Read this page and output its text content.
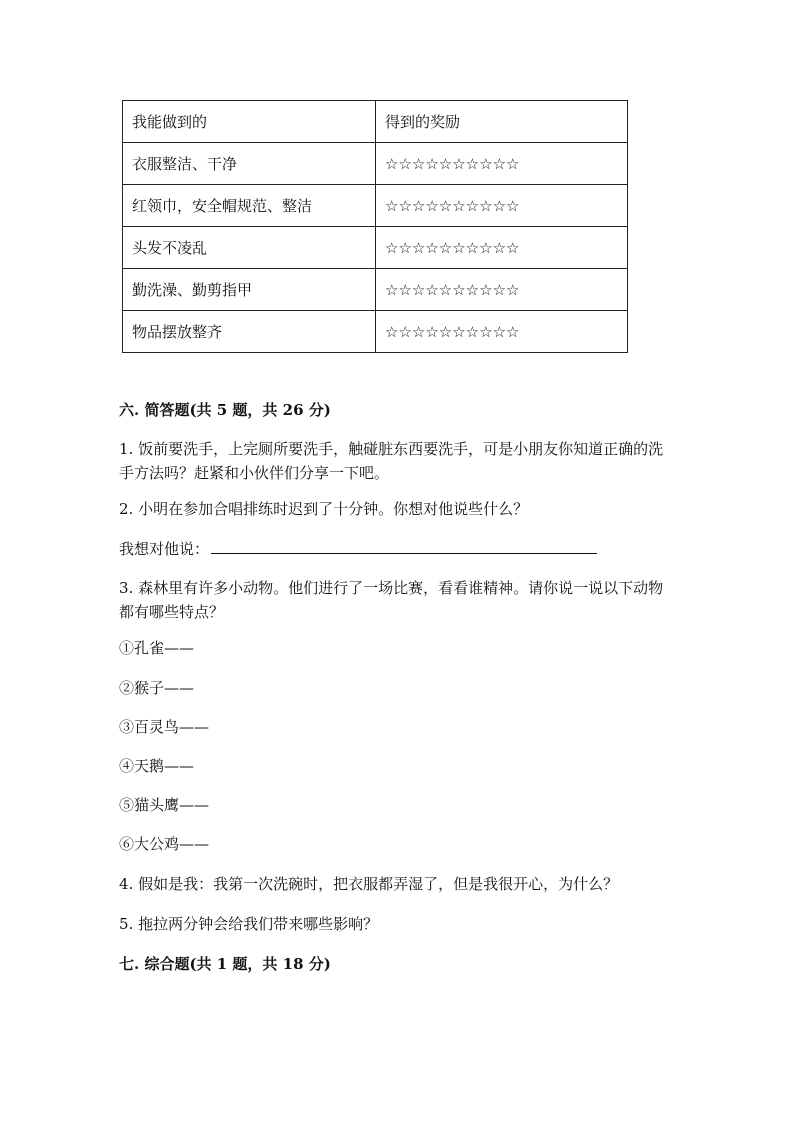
我能做到的	得到的奖励
衣服整洁、干净	☆☆☆☆☆☆☆☆☆☆
红领巾，安全帽规范、整洁	☆☆☆☆☆☆☆☆☆☆
头发不凌乱	☆☆☆☆☆☆☆☆☆☆
勤洗澡、勤剪指甲	☆☆☆☆☆☆☆☆☆☆
物品摆放整齐	☆☆☆☆☆☆☆☆☆☆
六. 简答题(共 5 题，共 26 分)
1. 饭前要洗手，上完厕所要洗手，触碰脏东西要洗手，可是小朋友你知道正确的洗手方法吗？赶紧和小伙伴们分享一下吧。
2. 小明在参加合唱排练时迟到了十分钟。你想对他说些什么？
我想对他说：
3. 森林里有许多小动物。他们进行了一场比赛，看看谁精神。请你说一说以下动物都有哪些特点？
①孔雀——
②猴子——
③百灵鸟——
④天鹅——
⑤猫头鹰——
⑥大公鸡——
4. 假如是我：我第一次洗碗时，把衣服都弄湿了，但是我很开心，为什么？
5. 拖拉两分钟会给我们带来哪些影响？
七. 综合题(共 1 题，共 18 分)
